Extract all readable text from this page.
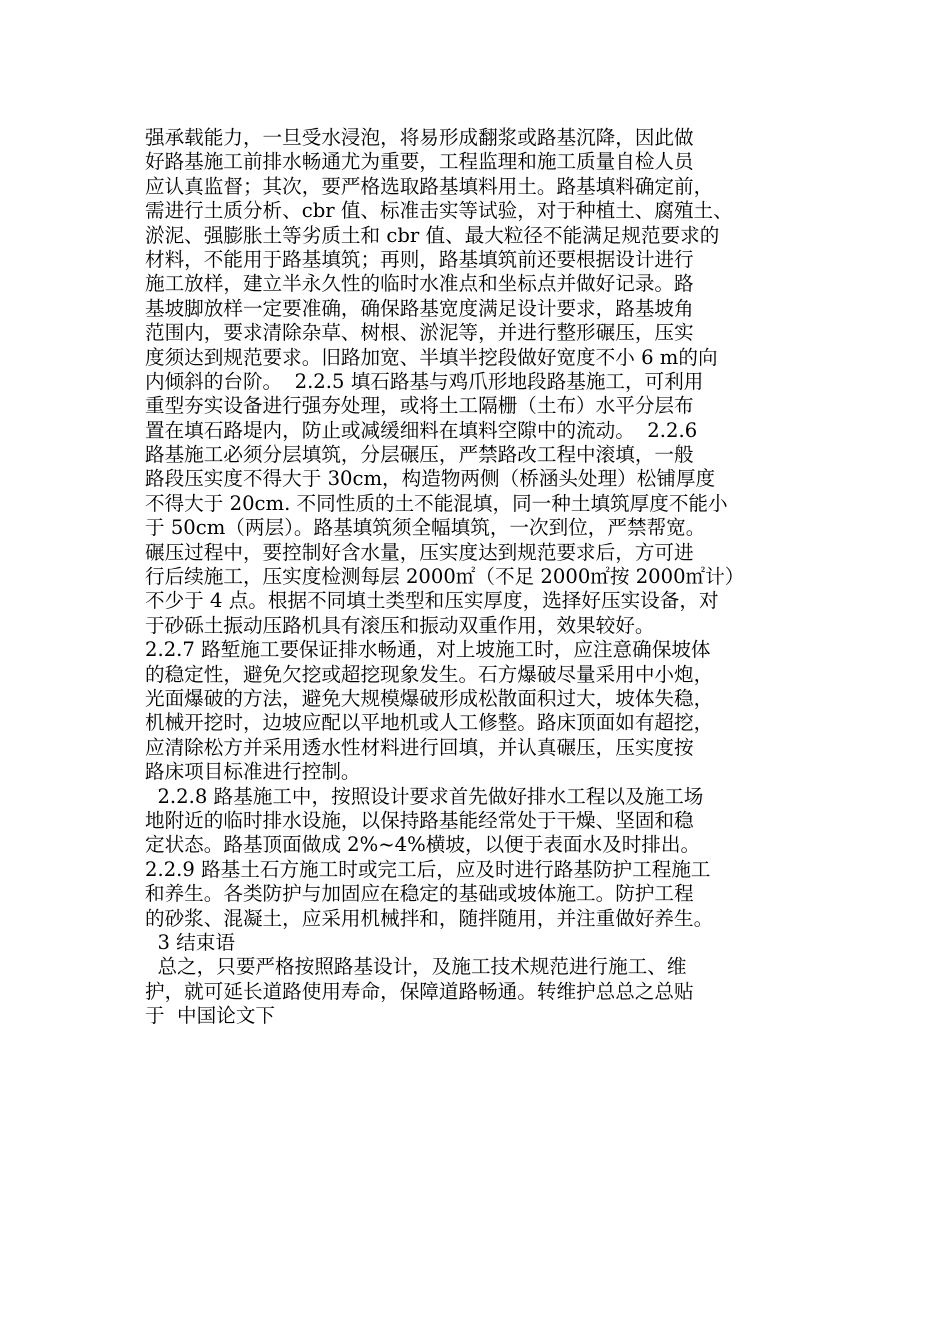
强承载能力，一旦受水浸泡，将易形成翻浆或路基沉降，因此做
好路基施工前排水畅通尤为重要，工程监理和施工质量自检人员
应认真监督；其次，要严格选取路基填料用土。路基填料确定前，
需进行土质分析、cbr 值、标准击实等试验，对于种植土、腐殖土、
淤泥、强膨胀土等劣质土和 cbr 值、最大粒径不能满足规范要求的
材料，不能用于路基填筑；再则，路基填筑前还要根据设计进行
施工放样，建立半永久性的临时水准点和坐标点并做好记录。路
基坡脚放样一定要准确，确保路基宽度满足设计要求，路基坡角
范围内，要求清除杂草、树根、淤泥等，并进行整形碾压，压实
度须达到规范要求。旧路加宽、半填半挖段做好宽度不小 6 m的向
内倾斜的台阶。  2.2.5 填石路基与鸡爪形地段路基施工，可利用
重型夯实设备进行强夯处理，或将土工隔栅（土布）水平分层布
置在填石路堤内，防止或减缓细料在填料空隙中的流动。  2.2.6
路基施工必须分层填筑，分层碾压，严禁路改工程中滚填，一般
路段压实度不得大于 30cm，构造物两侧（桥涵头处理）松铺厚度
不得大于 20cm. 不同性质的土不能混填，同一种土填筑厚度不能小
于 50cm（两层）。路基填筑须全幅填筑，一次到位，严禁帮宽。
碾压过程中，要控制好含水量，压实度达到规范要求后，方可进
行后续施工，压实度检测每层 2000㎡（不足 2000㎡按 2000㎡计）
不少于 4 点。根据不同填土类型和压实厚度，选择好压实设备，对
于砂砾土振动压路机具有滚压和振动双重作用，效果较好。
2.2.7 路堑施工要保证排水畅通，对上坡施工时，应注意确保坡体
的稳定性，避免欠挖或超挖现象发生。石方爆破尽量采用中小炮，
光面爆破的方法，避免大规模爆破形成松散面积过大，坡体失稳，
机械开挖时，边坡应配以平地机或人工修整。路床顶面如有超挖，
应清除松方并采用透水性材料进行回填，并认真碾压，压实度按
路床项目标准进行控制。
2.2.8 路基施工中，按照设计要求首先做好排水工程以及施工场
地附近的临时排水设施，以保持路基能经常处于干燥、坚固和稳
定状态。路基顶面做成 2%~4%横坡，以便于表面水及时排出。
2.2.9 路基土石方施工时或完工后，应及时进行路基防护工程施工
和养生。各类防护与加固应在稳定的基础或坡体施工。防护工程
的砂浆、混凝土，应采用机械拌和，随拌随用，并注重做好养生。
3 结束语
总之，只要严格按照路基设计，及施工技术规范进行施工、维
护，就可延长道路使用寿命，保障道路畅通。转维护总总之总贴
于  中国论文下
